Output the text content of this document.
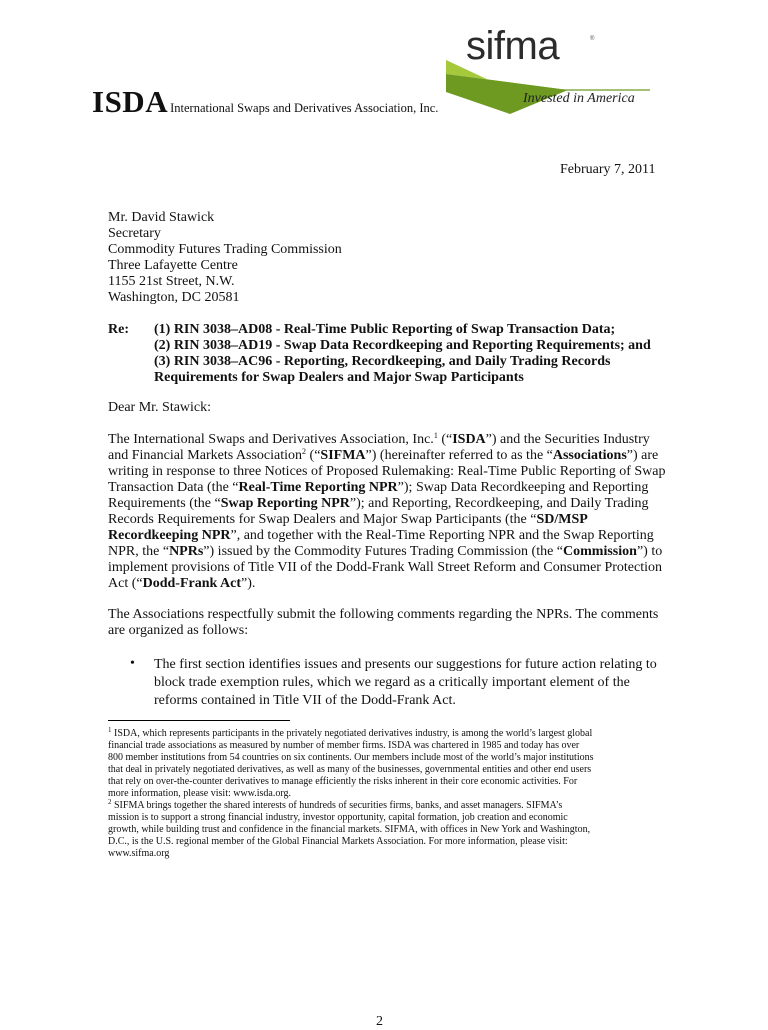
ISDA International Swaps and Derivatives Association, Inc.
sifma	®
Invested in America
February 7, 2011
Mr. David Stawick
Secretary
Commodity Futures Trading Commission
Three Lafayette Centre
1155 21st Street, N.W.
Washington, DC 20581
Re: (1) RIN 3038–AD08 - Real-Time Public Reporting of Swap Transaction Data;
(2) RIN 3038–AD19 - Swap Data Recordkeeping and Reporting Requirements; and
(3) RIN 3038–AC96 - Reporting, Recordkeeping, and Daily Trading Records
Requirements for Swap Dealers and Major Swap Participants
Dear Mr. Stawick:
The International Swaps and Derivatives Association, Inc.$^1$ (“ISDA”) and the Securities Industry
and Financial Markets Association$^2$ (“SIFMA”) (hereinafter referred to as the “Associations”) are
writing in response to three Notices of Proposed Rulemaking: Real-Time Public Reporting of Swap
Transaction Data (the “Real-Time Reporting NPR”); Swap Data Recordkeeping and Reporting
Requirements (the “Swap Reporting NPR”); and Reporting, Recordkeeping, and Daily Trading
Records Requirements for Swap Dealers and Major Swap Participants (the “SD/MSP
Recordkeeping NPR”, and together with the Real-Time Reporting NPR and the Swap Reporting
NPR, the “NPRs”) issued by the Commodity Futures Trading Commission (the “Commission”) to
implement provisions of Title VII of the Dodd-Frank Wall Street Reform and Consumer Protection
Act (“Dodd-Frank Act”).
The Associations respectfully submit the following comments regarding the NPRs. The comments
are organized as follows:
• The first section identifies issues and presents our suggestions for future action relating to
block trade exemption rules, which we regard as a critically important element of the
reforms contained in Title VII of the Dodd-Frank Act.
$^1$ ISDA, which represents participants in the privately negotiated derivatives industry, is among the world’s largest global
financial trade associations as measured by number of member firms. ISDA was chartered in 1985 and today has over
800 member institutions from 54 countries on six continents. Our members include most of the world’s major institutions
that deal in privately negotiated derivatives, as well as many of the businesses, governmental entities and other end users
that rely on over-the-counter derivatives to manage efficiently the risks inherent in their core economic activities. For
more information, please visit: www.isda.org.
$^2$ SIFMA brings together the shared interests of hundreds of securities firms, banks, and asset managers. SIFMA’s
mission is to support a strong financial industry, investor opportunity, capital formation, job creation and economic
growth, while building trust and confidence in the financial markets. SIFMA, with offices in New York and Washington,
D.C., is the U.S. regional member of the Global Financial Markets Association. For more information, please visit:
www.sifma.org
2
